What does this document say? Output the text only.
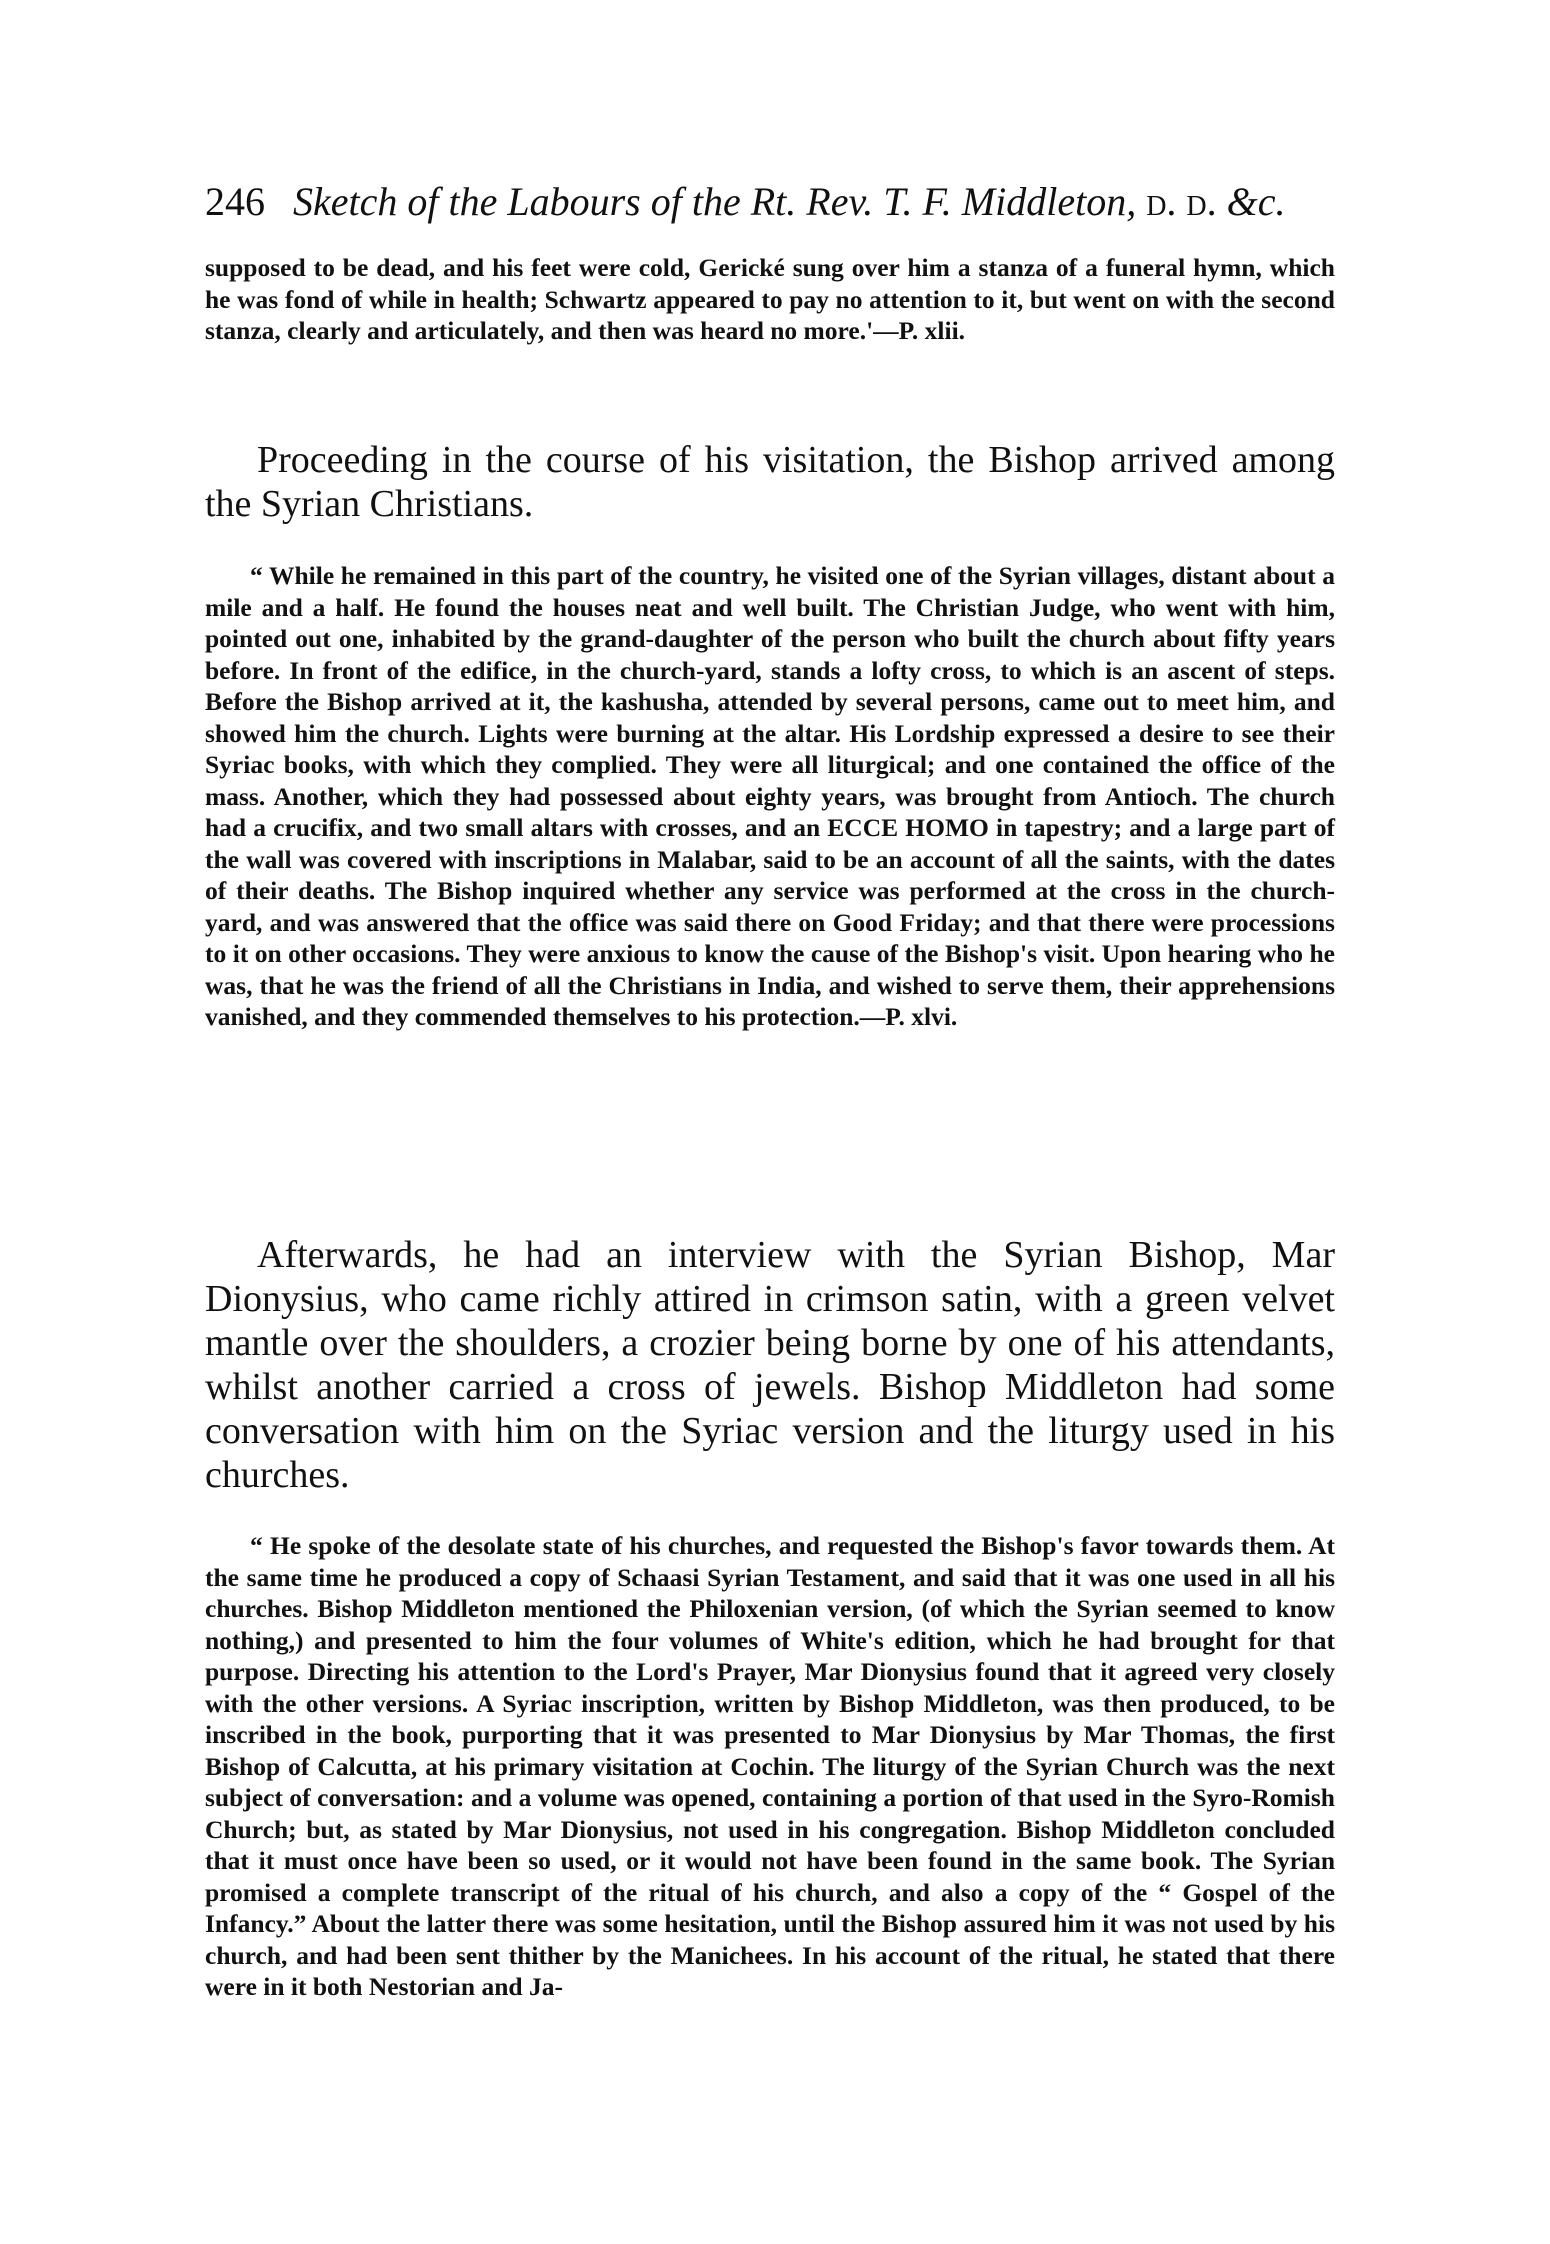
246 Sketch of the Labours of the Rt. Rev. T. F. Middleton, d. d. &c.

supposed to be dead, and his feet were cold, Gerické sung over him a stanza of a funeral hymn, which he was fond of while in health; Schwartz appeared to pay no attention to it, but went on with the second stanza, clearly and articulately, and then was heard no more.'—P. xlii.

Proceeding in the course of his visitation, the Bishop arrived among the Syrian Christians.

“ While he remained in this part of the country, he visited one of the Syrian villages, distant about a mile and a half. He found the houses neat and well built. The Christian Judge, who went with him, pointed out one, inhabited by the grand-daughter of the person who built the church about fifty years before. In front of the edifice, in the church-yard, stands a lofty cross, to which is an ascent of steps. Before the Bishop arrived at it, the kashusha, attended by several persons, came out to meet him, and showed him the church. Lights were burning at the altar. His Lordship expressed a desire to see their Syriac books, with which they complied. They were all liturgical; and one contained the office of the mass. Another, which they had possessed about eighty years, was brought from Antioch. The church had a crucifix, and two small altars with crosses, and an ECCE HOMO in tapestry; and a large part of the wall was covered with inscriptions in Malabar, said to be an account of all the saints, with the dates of their deaths. The Bishop inquired whether any service was performed at the cross in the church-yard, and was answered that the office was said there on Good Friday; and that there were processions to it on other occasions. They were anxious to know the cause of the Bishop's visit. Upon hearing who he was, that he was the friend of all the Christians in India, and wished to serve them, their apprehensions vanished, and they commended themselves to his protection.—P. xlvi.

Afterwards, he had an interview with the Syrian Bishop, Mar Dionysius, who came richly attired in crimson satin, with a green velvet mantle over the shoulders, a crozier being borne by one of his attendants, whilst another carried a cross of jewels. Bishop Middleton had some conversation with him on the Syriac version and the liturgy used in his churches.

“ He spoke of the desolate state of his churches, and requested the Bishop's favor towards them. At the same time he produced a copy of Schaasi Syrian Testament, and said that it was one used in all his churches. Bishop Middleton mentioned the Philoxenian version, (of which the Syrian seemed to know nothing,) and presented to him the four volumes of White's edition, which he had brought for that purpose. Directing his attention to the Lord's Prayer, Mar Dionysius found that it agreed very closely with the other versions. A Syriac inscription, written by Bishop Middleton, was then produced, to be inscribed in the book, purporting that it was presented to Mar Dionysius by Mar Thomas, the first Bishop of Calcutta, at his primary visitation at Cochin. The liturgy of the Syrian Church was the next subject of conversation: and a volume was opened, containing a portion of that used in the Syro-Romish Church; but, as stated by Mar Dionysius, not used in his congregation. Bishop Middleton concluded that it must once have been so used, or it would not have been found in the same book. The Syrian promised a complete transcript of the ritual of his church, and also a copy of the “ Gospel of the Infancy.” About the latter there was some hesitation, until the Bishop assured him it was not used by his church, and had been sent thither by the Manichees. In his account of the ritual, he stated that there were in it both Nestorian and Ja-
